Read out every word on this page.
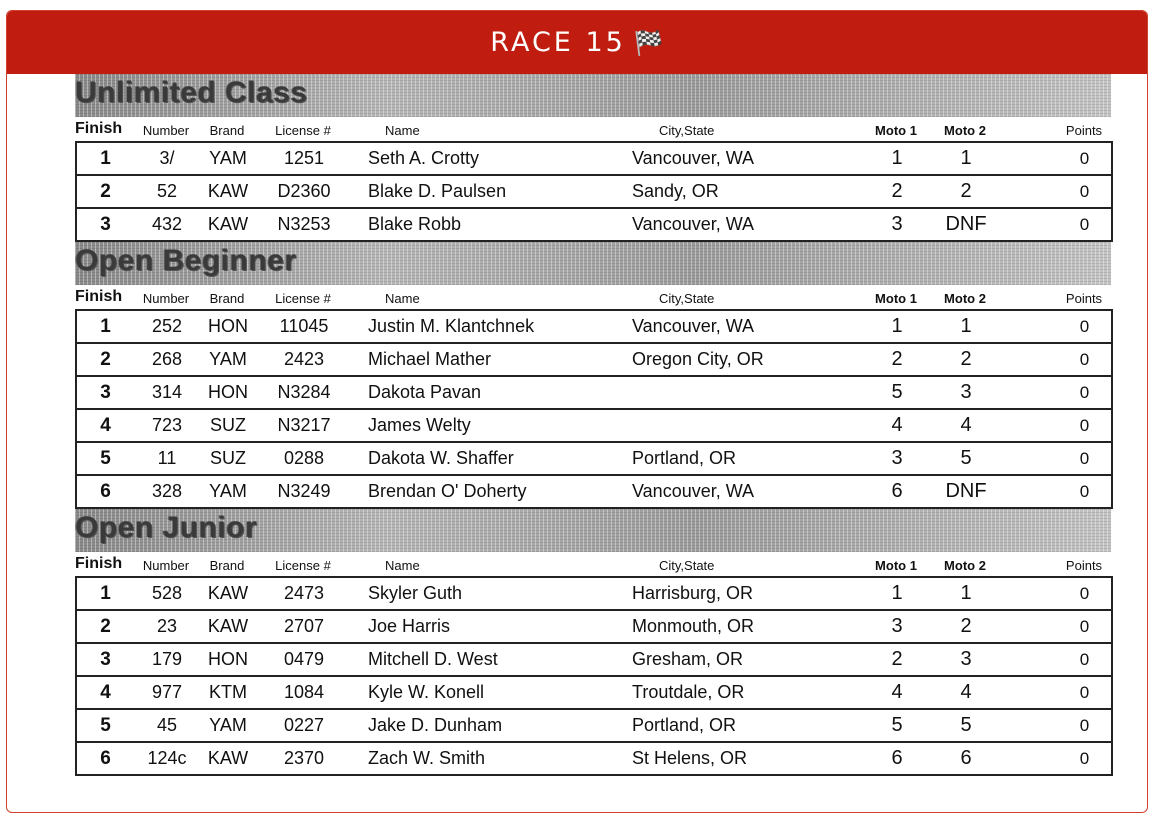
RACE 15 🏁
Unlimited Class
Finish	Number	Brand	License #	Name	City,State	Moto 1	Moto 2	Points
1	3/	YAM	1251	Seth A. Crotty	Vancouver, WA	1	1		0
2	52	KAW	D2360	Blake D. Paulsen	Sandy, OR	2	2		0
3	432	KAW	N3253	Blake Robb	Vancouver, WA	3	DNF		0
Open Beginner
Finish	Number	Brand	License #	Name	City,State	Moto 1	Moto 2	Points
1	252	HON	11045	Justin M. Klantchnek	Vancouver, WA	1	1		0
2	268	YAM	2423	Michael Mather	Oregon City, OR	2	2		0
3	314	HON	N3284	Dakota Pavan		5	3		0
4	723	SUZ	N3217	James Welty		4	4		0
5	11	SUZ	0288	Dakota W. Shaffer	Portland, OR	3	5		0
6	328	YAM	N3249	Brendan O' Doherty	Vancouver, WA	6	DNF		0
Open Junior
Finish	Number	Brand	License #	Name	City,State	Moto 1	Moto 2	Points
1	528	KAW	2473	Skyler Guth	Harrisburg, OR	1	1		0
2	23	KAW	2707	Joe Harris	Monmouth, OR	3	2		0
3	179	HON	0479	Mitchell D. West	Gresham, OR	2	3		0
4	977	KTM	1084	Kyle W. Konell	Troutdale, OR	4	4		0
5	45	YAM	0227	Jake D. Dunham	Portland, OR	5	5		0
6	124c	KAW	2370	Zach W. Smith	St Helens, OR	6	6		0
